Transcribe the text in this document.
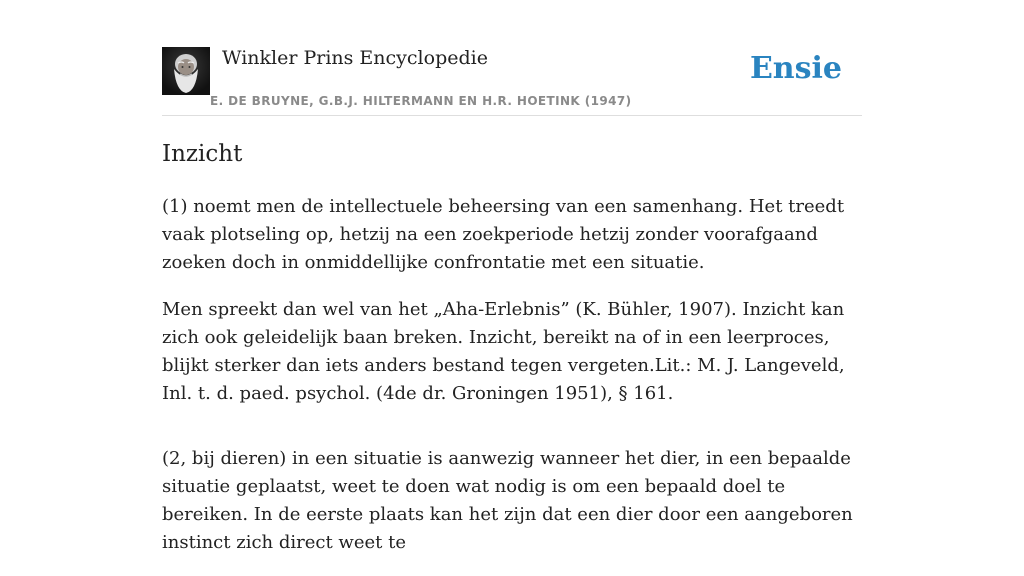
Winkler Prins Encyclopedie
E. DE BRUYNE, G.B.J. HILTERMANN EN H.R. HOETINK (1947)
Ensie
Inzicht

(1) noemt men de intellectuele beheersing van een samenhang. Het treedt vaak plotseling op, hetzij na een zoekperiode hetzij zonder voorafgaand zoeken doch in onmiddellijke confrontatie met een situatie.

Men spreekt dan wel van het „Aha-Erlebnis” (K. Bühler, 1907). Inzicht kan zich ook geleidelijk baan breken. Inzicht, bereikt na of in een leerproces, blijkt sterker dan iets anders bestand tegen vergeten.Lit.: M. J. Langeveld, Inl. t. d. paed. psychol. (4de dr. Groningen 1951), § 161.

(2, bij dieren) in een situatie is aanwezig wanneer het dier, in een bepaalde situatie geplaatst, weet te doen wat nodig is om een bepaald doel te bereiken. In de eerste plaats kan het zijn dat een dier door een aangeboren instinct zich direct weet te
